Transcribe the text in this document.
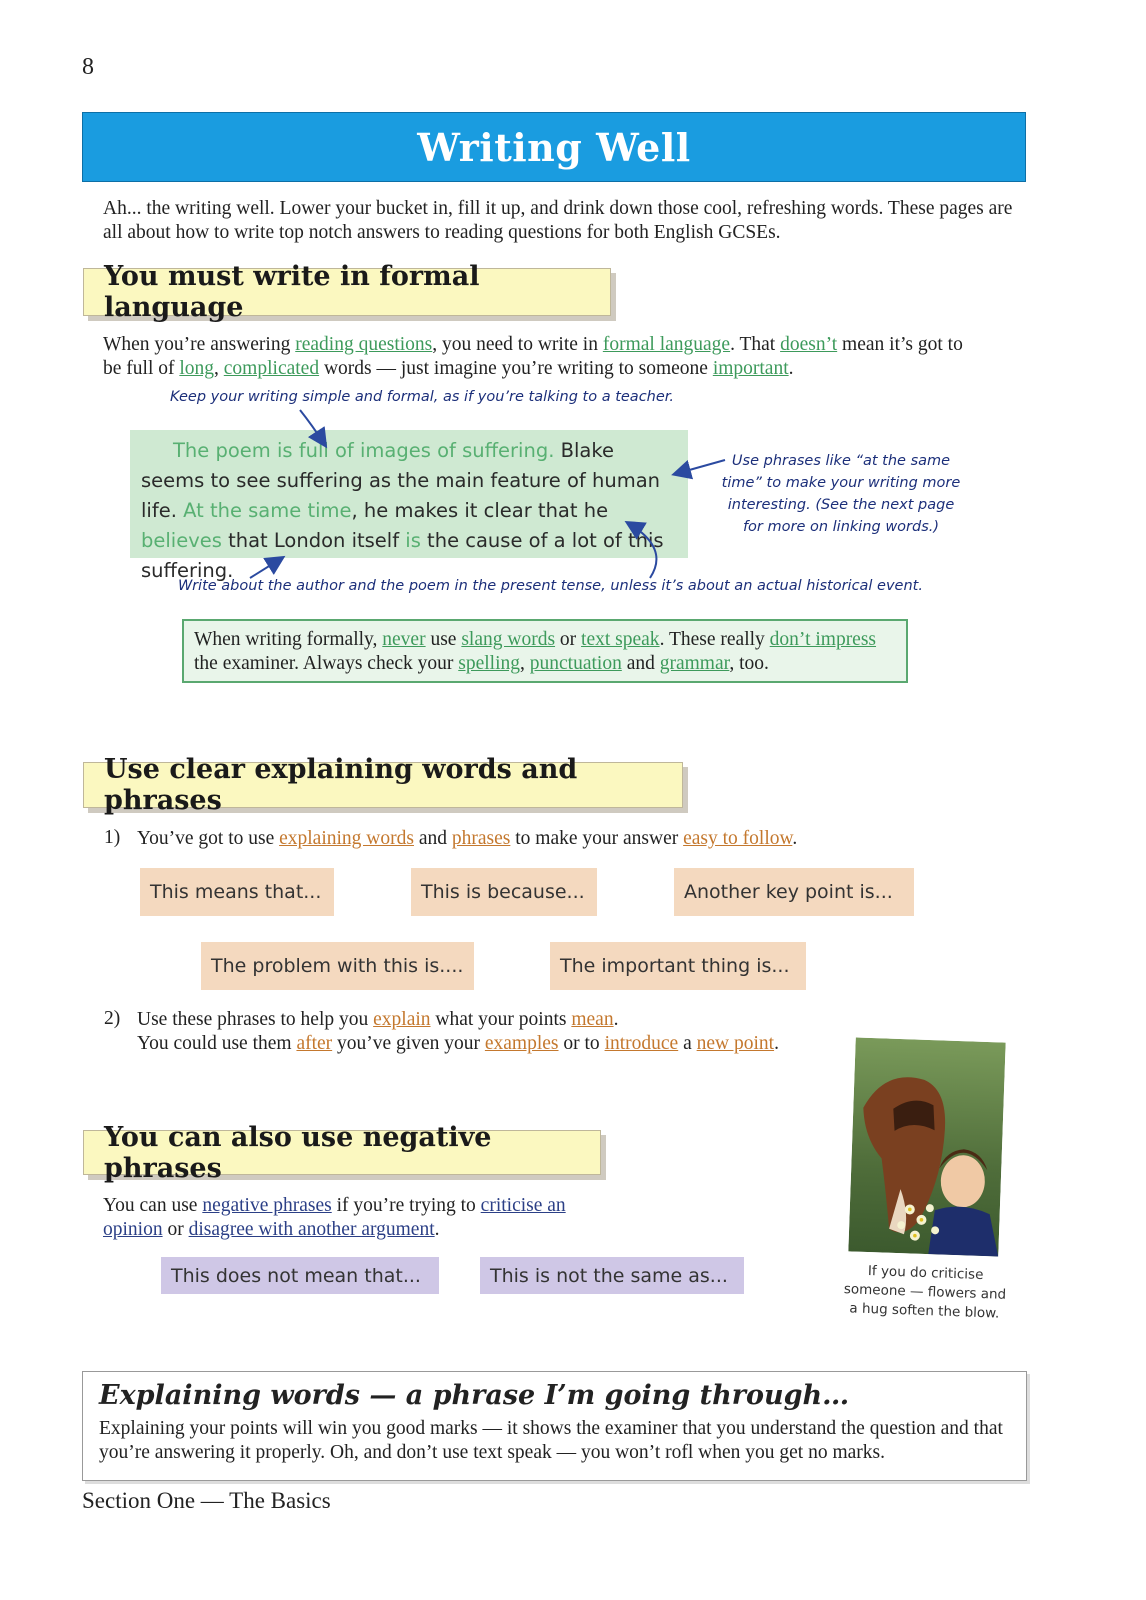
8
Writing Well
Ah... the writing well. Lower your bucket in, fill it up, and drink down those cool, refreshing words. These pages are all about how to write top notch answers to reading questions for both English GCSEs.
You must write in formal language
When you’re answering reading questions, you need to write in formal language. That doesn’t mean it’s got to be full of long, complicated words — just imagine you’re writing to someone important.
Keep your writing simple and formal, as if you’re talking to a teacher.
The poem is full of images of suffering. Blake seems to see suffering as the main feature of human life. At the same time, he makes it clear that he believes that London itself is the cause of a lot of this suffering.
Use phrases like “at the same time” to make your writing more interesting. (See the next page for more on linking words.)
Write about the author and the poem in the present tense, unless it’s about an actual historical event.
When writing formally, never use slang words or text speak. These really don’t impress the examiner. Always check your spelling, punctuation and grammar, too.
Use clear explaining words and phrases
1) You’ve got to use explaining words and phrases to make your answer easy to follow.
This means that...	This is because...	Another key point is...
The problem with this is....	The important thing is...
2) Use these phrases to help you explain what your points mean.
You could use them after you’ve given your examples or to introduce a new point.
You can also use negative phrases
You can use negative phrases if you’re trying to criticise an opinion or disagree with another argument.
This does not mean that...	This is not the same as...	If you do criticise someone — flowers and a hug soften the blow.
Explaining words — a phrase I’m going through…

Explaining your points will win you good marks — it shows the examiner that you understand the question and that you’re answering it properly. Oh, and don’t use text speak — you won’t rofl when you get no marks.

Section One — The Basics
